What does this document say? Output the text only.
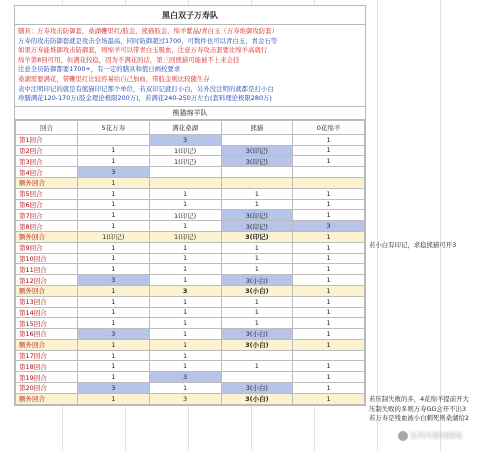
黑白双子万寿队
膳具：万寿攻击防御套，桑湖鞭里红/肢金，熊猫肢金，绵羊紫晶/青白玉（万寿堆御攻防套）
万寿的攻击防御套就是攻击全场最高，同时防御超过1700，可数件也可以青白玉，青金石等
如果万寿能堆御攻击防御套，则绵羊可以带青白玉吸血，注意万寿攻击套要比绵羊高就行
绵羊第8回可用，但满花较稳，因为不满花的话，第三回熊猫可能被不上来会挂
注意全员防御都要1700+，有一定的膳具和值日画校要求
桑湖需要满花，带鞭里红比较容易给自己加血，带肢金则比较随生存
表中注明印记的就是有熊猫印记那个单位，若双印记就打小白，另外没注明的就都是打小白
珍膳满花120-170万(肢金理论极限200万)，若满花240-250万左右(套料理论极限280万)
熊猫绵羊队
回合	5花万寿	满花桑湖	熊猫	0花绵羊
第1回合		3		1
第2回合	1	1(印记)	3(印记)	1
第3回合	1	1(印记)	3(印记)	1
第4回合	3			
额外回合	1			
第5回合	1	1	1	1
第6回合	1	1	1	1
第7回合	1	1(印记)	3(印记)	1
第8回合	1	1	3(印记)	3
额外回合	1(印记)	1(印记)	3(印记)	1
第9回合	1	1	1	1
第10回合	1	1	1	1
第11回合	1	1	1	1
第12回合	3	1	3(小白)	1
额外回合	1	3	3(小白)	1
第13回合	1	1	1	1
第14回合	1	1	1	1
第15回合	1	1	1	1
第16回合	3	1	3(小白)	1
额外回合	1	1	3(小白)	1
第17回合	1	1		
第18回合	1	1	1	1
第19回合	1	3		1
第20回合	3	1	3(小白)	1
额外回合	1	3	3(小白)	1
若小白有印记，求稳熊猫可开3
若压制失败的多，4花绵羊提前开大
压制失败的多则万寿GG会开不出3
若万寿是残血被小白刺死则桑湖给2
东风外服攻略组
